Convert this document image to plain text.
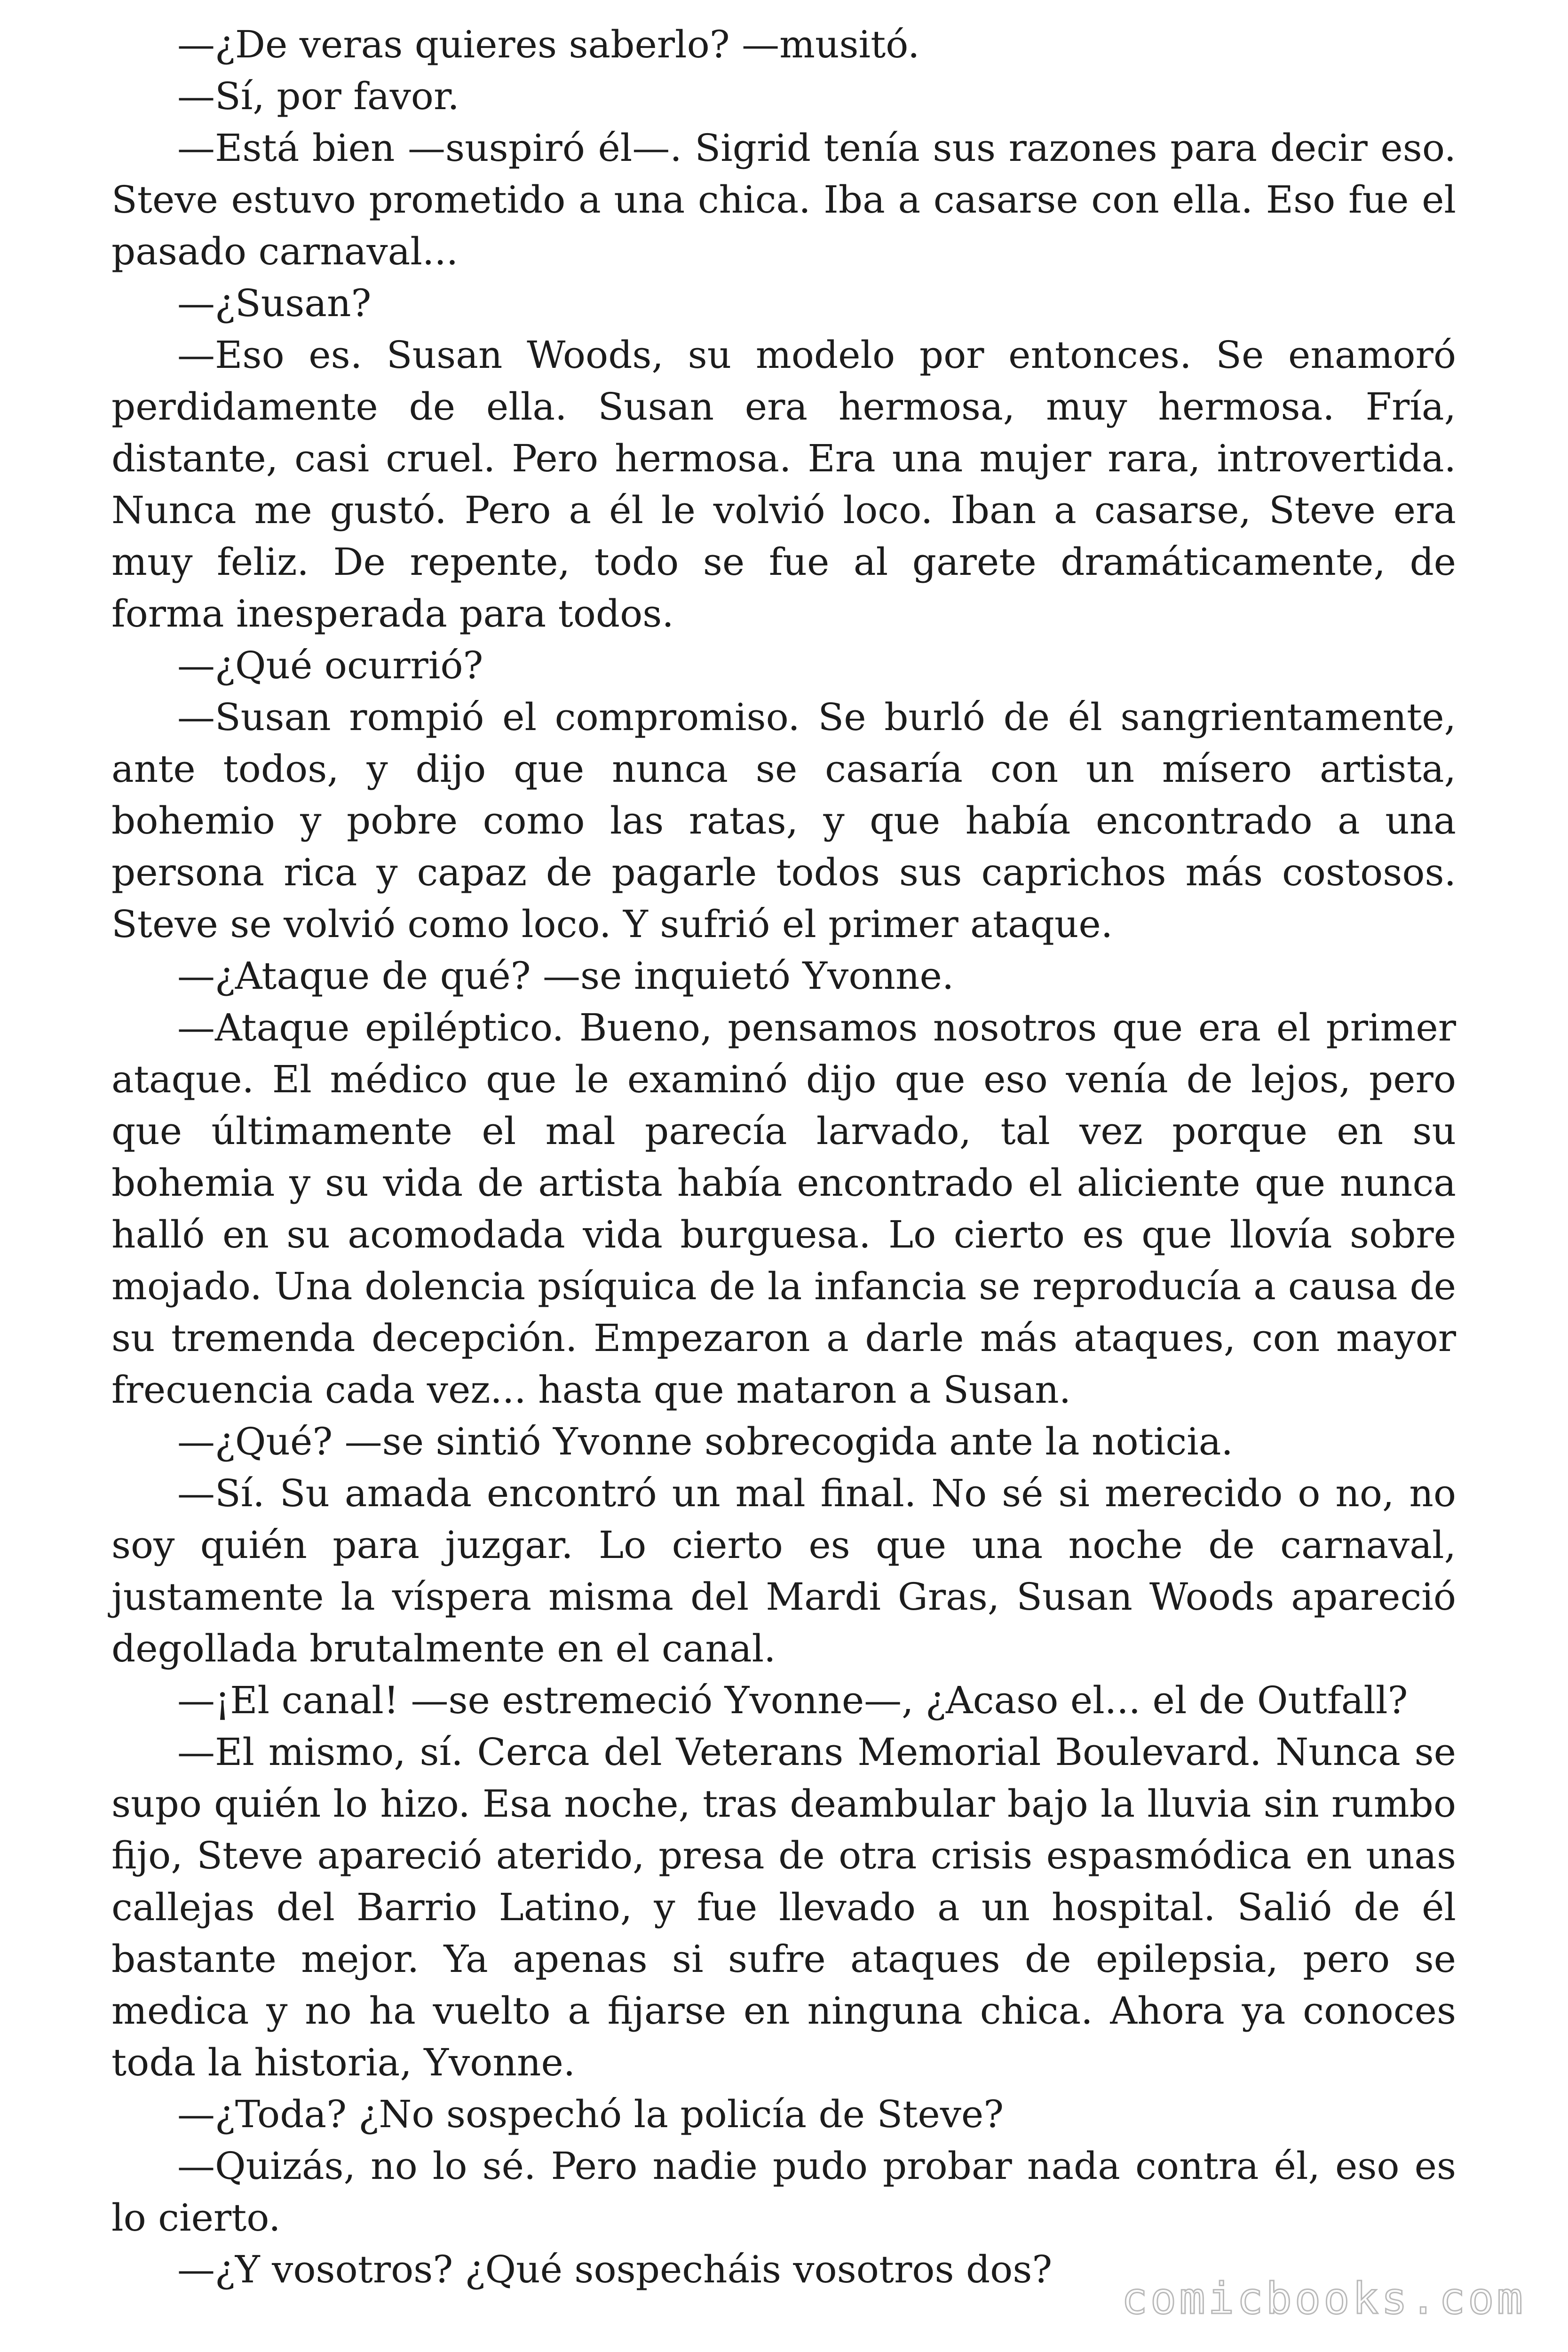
—¿De veras quieres saberlo? —musitó.

—Sí, por favor.

—Está bien —suspiró él—. Sigrid tenía sus razones para decir eso. Steve estuvo prometido a una chica. Iba a casarse con ella. Eso fue el pasado carnaval...

—¿Susan?

—Eso es. Susan Woods, su modelo por entonces. Se enamoró perdidamente de ella. Susan era hermosa, muy hermosa. Fría, distante, casi cruel. Pero hermosa. Era una mujer rara, introvertida. Nunca me gustó. Pero a él le volvió loco. Iban a casarse, Steve era muy feliz. De repente, todo se fue al garete dramáticamente, de forma inesperada para todos.

—¿Qué ocurrió?

—Susan rompió el compromiso. Se burló de él sangrientamente, ante todos, y dijo que nunca se casaría con un mísero artista, bohemio y pobre como las ratas, y que había encontrado a una persona rica y capaz de pagarle todos sus caprichos más costosos. Steve se volvió como loco. Y sufrió el primer ataque.

—¿Ataque de qué? —se inquietó Yvonne.

—Ataque epiléptico. Bueno, pensamos nosotros que era el primer ataque. El médico que le examinó dijo que eso venía de lejos, pero que últimamente el mal parecía larvado, tal vez porque en su bohemia y su vida de artista había encontrado el aliciente que nunca halló en su acomodada vida burguesa. Lo cierto es que llovía sobre mojado. Una dolencia psíquica de la infancia se reproducía a causa de su tremenda decepción. Empezaron a darle más ataques, con mayor frecuencia cada vez... hasta que mataron a Susan.

—¿Qué? —se sintió Yvonne sobrecogida ante la noticia.

—Sí. Su amada encontró un mal final. No sé si merecido o no, no soy quién para juzgar. Lo cierto es que una noche de carnaval, justamente la víspera misma del Mardi Gras, Susan Woods apareció degollada brutalmente en el canal.

—¡El canal! —se estremeció Yvonne—, ¿Acaso el... el de Outfall?

—El mismo, sí. Cerca del Veterans Memorial Boulevard. Nunca se supo quién lo hizo. Esa noche, tras deambular bajo la lluvia sin rumbo fijo, Steve apareció aterido, presa de otra crisis espasmódica en unas callejas del Barrio Latino, y fue llevado a un hospital. Salió de él bastante mejor. Ya apenas si sufre ataques de epilepsia, pero se medica y no ha vuelto a fijarse en ninguna chica. Ahora ya conoces toda la historia, Yvonne.

—¿Toda? ¿No sospechó la policía de Steve?

—Quizás, no lo sé. Pero nadie pudo probar nada contra él, eso es lo cierto.

—¿Y vosotros? ¿Qué sospecháis vosotros dos?

comicbooks.com
